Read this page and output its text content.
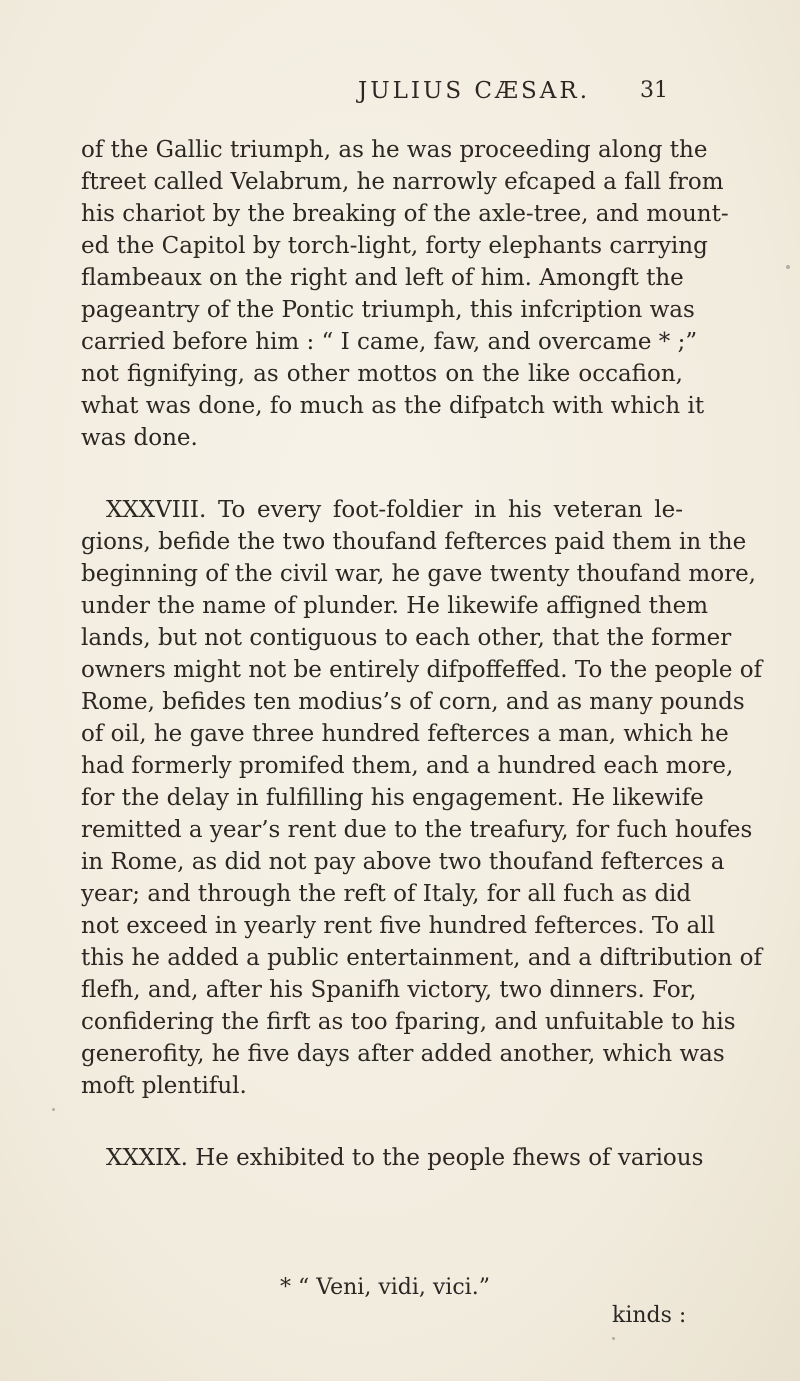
JULIUS CÆSAR. 31
of the Gallic triumph, as he was proceeding along the
ftreet called Velabrum, he narrowly efcaped a fall from
his chariot by the breaking of the axle-tree, and mount-
ed the Capitol by torch-light, forty elephants carrying
flambeaux on the right and left of him. Amongft the
pageantry of the Pontic triumph, this infcription was
carried before him : “ I came, faw, and overcame * ;”
not fignifying, as other mottos on the like occafion,
what was done, fo much as the difpatch with which it
was done.
XXXVIII. To every foot-foldier in his veteran le-
gions, befide the two thoufand fefterces paid them in the
beginning of the civil war, he gave twenty thoufand more,
under the name of plunder. He likewife affigned them
lands, but not contiguous to each other, that the former
owners might not be entirely difpoffeffed. To the people of
Rome, befides ten modius’s of corn, and as many pounds
of oil, he gave three hundred fefterces a man, which he
had formerly promifed them, and a hundred each more,
for the delay in fulfilling his engagement. He likewife
remitted a year’s rent due to the treafury, for fuch houfes
in Rome, as did not pay above two thoufand fefterces a
year; and through the reft of Italy, for all fuch as did
not exceed in yearly rent five hundred fefterces. To all
this he added a public entertainment, and a diftribution of
flefh, and, after his Spanifh victory, two dinners. For,
confidering the firft as too fparing, and unfuitable to his
generofity, he five days after added another, which was
moft plentiful.
XXXIX. He exhibited to the people fhews of various
* “ Veni, vidi, vici.”
kinds :
